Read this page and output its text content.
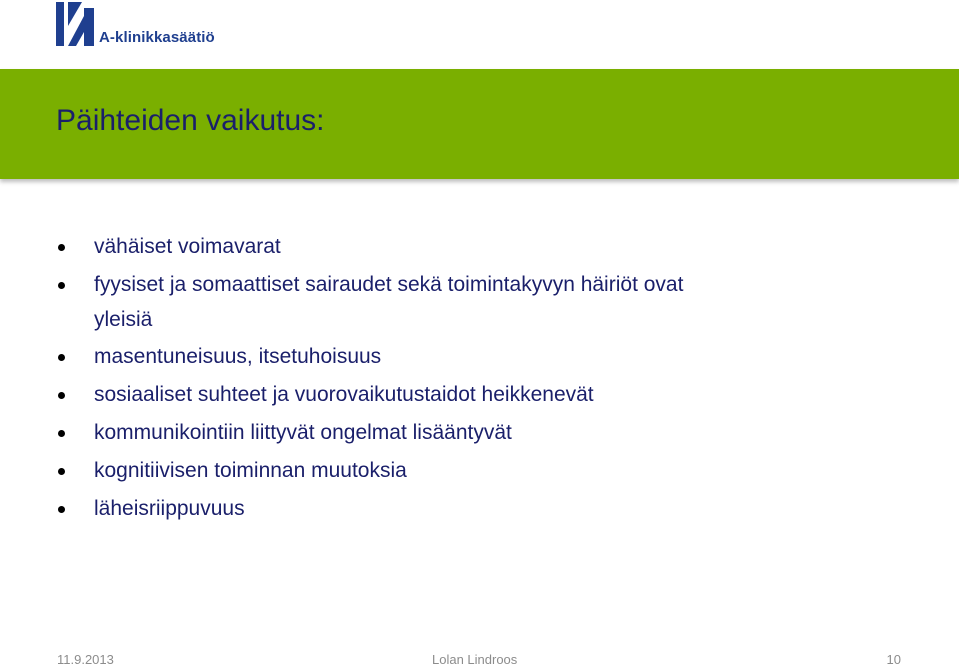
A-klinikkasäätiö
Päihteiden vaikutus:
vähäiset voimavarat
fyysiset ja somaattiset sairaudet sekä toimintakyvyn häiriöt ovat yleisiä
masentuneisuus, itsetuhoisuus
sosiaaliset suhteet ja vuorovaikutustaidot heikkenevät
kommunikointiin liittyvät ongelmat lisääntyvät
kognitiivisen toiminnan muutoksia
läheisriippuvuus
11.9.2013	Lolan Lindroos	10
